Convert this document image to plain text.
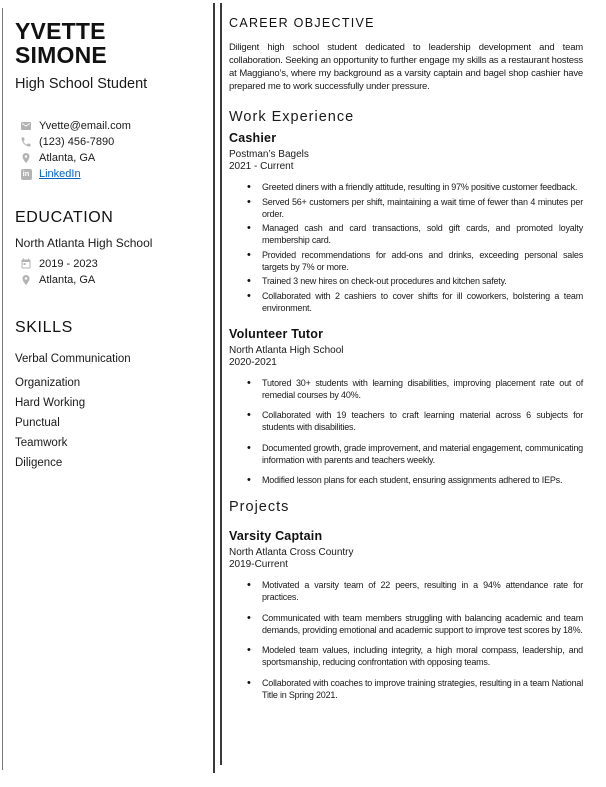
YVETTE SIMONE
High School Student
Yvette@email.com
(123) 456-7890
Atlanta, GA
in LinkedIn
EDUCATION
North Atlanta High School
2019 - 2023
Atlanta, GA
SKILLS
Verbal Communication
Organization
Hard Working
Punctual
Teamwork
Diligence
CAREER OBJECTIVE
Diligent high school student dedicated to leadership development and team collaboration. Seeking an opportunity to further engage my skills as a restaurant hostess at Maggiano’s, where my background as a varsity captain and bagel shop cashier have prepared me to work successfully under pressure.
Work Experience
Cashier
Postman’s Bagels
2021 - Current
• Greeted diners with a friendly attitude, resulting in 97% positive customer feedback.
• Served 56+ customers per shift, maintaining a wait time of fewer than 4 minutes per order.
• Managed cash and card transactions, sold gift cards, and promoted loyalty membership card.
• Provided recommendations for add-ons and drinks, exceeding personal sales targets by 7% or more.
• Trained 3 new hires on check-out procedures and kitchen safety.
• Collaborated with 2 cashiers to cover shifts for ill coworkers, bolstering a team environment.
Volunteer Tutor
North Atlanta High School
2020-2021
• Tutored 30+ students with learning disabilities, improving placement rate out of remedial courses by 40%.
• Collaborated with 19 teachers to craft learning material across 6 subjects for students with disabilities.
• Documented growth, grade improvement, and material engagement, communicating information with parents and teachers weekly.
• Modified lesson plans for each student, ensuring assignments adhered to IEPs.
Projects
Varsity Captain
North Atlanta Cross Country
2019-Current
• Motivated a varsity team of 22 peers, resulting in a 94% attendance rate for practices.
• Communicated with team members struggling with balancing academic and team demands, providing emotional and academic support to improve test scores by 18%.
• Modeled team values, including integrity, a high moral compass, leadership, and sportsmanship, reducing confrontation with opposing teams.
• Collaborated with coaches to improve training strategies, resulting in a team National Title in Spring 2021.
